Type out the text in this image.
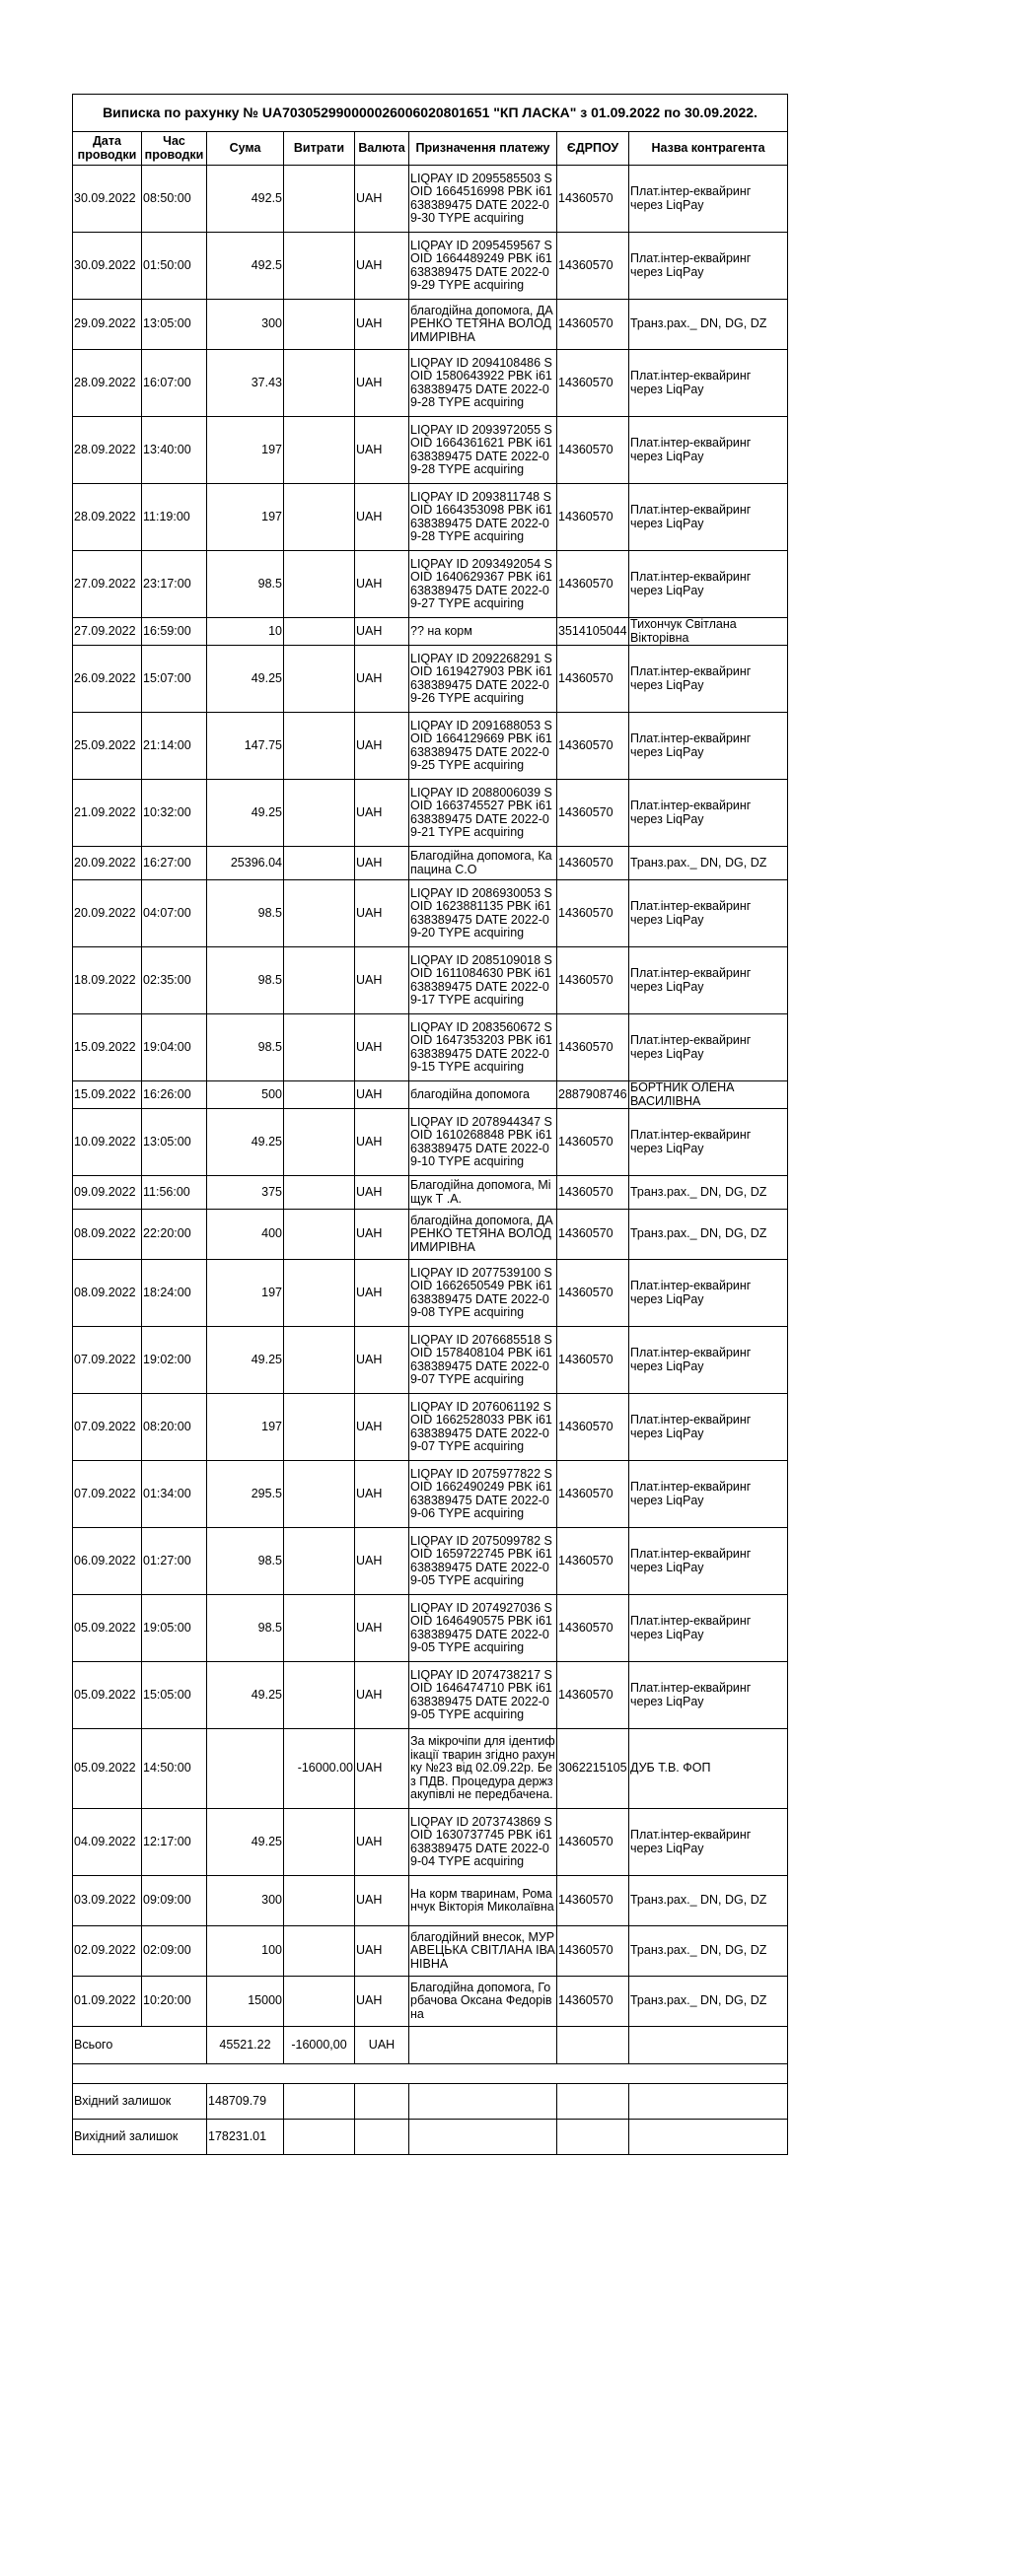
Виписка по рахунку № UA703052990000026006020801651 "КП ЛАСКА" з 01.09.2022 по 30.09.2022.							
Дата проводки	Час проводки	Сума	Витрати	Валюта	Призначення платежу	ЄДРПОУ	Назва контрагента
30.09.2022	08:50:00	492.5		UAH	LIQPAY ID 2095585503 SOID 1664516998 PBK i61638389475 DATE 2022-09-30 TYPE acquiring	14360570	Плат.інтер-еквайринг через LiqPay
30.09.2022	01:50:00	492.5		UAH	LIQPAY ID 2095459567 SOID 1664489249 PBK i61638389475 DATE 2022-09-29 TYPE acquiring	14360570	Плат.інтер-еквайринг через LiqPay
29.09.2022	13:05:00	300		UAH	благодійна допомога, ДАРЕНКО ТЕТЯНА ВОЛОДИМИРІВНА	14360570	Транз.рах._ DN, DG, DZ
28.09.2022	16:07:00	37.43		UAH	LIQPAY ID 2094108486 SOID 1580643922 PBK i61638389475 DATE 2022-09-28 TYPE acquiring	14360570	Плат.інтер-еквайринг через LiqPay
28.09.2022	13:40:00	197		UAH	LIQPAY ID 2093972055 SOID 1664361621 PBK i61638389475 DATE 2022-09-28 TYPE acquiring	14360570	Плат.інтер-еквайринг через LiqPay
28.09.2022	11:19:00	197		UAH	LIQPAY ID 2093811748 SOID 1664353098 PBK i61638389475 DATE 2022-09-28 TYPE acquiring	14360570	Плат.інтер-еквайринг через LiqPay
27.09.2022	23:17:00	98.5		UAH	LIQPAY ID 2093492054 SOID 1640629367 PBK i61638389475 DATE 2022-09-27 TYPE acquiring	14360570	Плат.інтер-еквайринг через LiqPay
27.09.2022	16:59:00	10		UAH	?? на корм	3514105044	Тихончук Світлана Вікторівна
26.09.2022	15:07:00	49.25		UAH	LIQPAY ID 2092268291 SOID 1619427903 PBK i61638389475 DATE 2022-09-26 TYPE acquiring	14360570	Плат.інтер-еквайринг через LiqPay
25.09.2022	21:14:00	147.75		UAH	LIQPAY ID 2091688053 SOID 1664129669 PBK i61638389475 DATE 2022-09-25 TYPE acquiring	14360570	Плат.інтер-еквайринг через LiqPay
21.09.2022	10:32:00	49.25		UAH	LIQPAY ID 2088006039 SOID 1663745527 PBK i61638389475 DATE 2022-09-21 TYPE acquiring	14360570	Плат.інтер-еквайринг через LiqPay
20.09.2022	16:27:00	25396.04		UAH	Благодійна допомога, Капацина С.О	14360570	Транз.рах._ DN, DG, DZ
20.09.2022	04:07:00	98.5		UAH	LIQPAY ID 2086930053 SOID 1623881135 PBK i61638389475 DATE 2022-09-20 TYPE acquiring	14360570	Плат.інтер-еквайринг через LiqPay
18.09.2022	02:35:00	98.5		UAH	LIQPAY ID 2085109018 SOID 1611084630 PBK i61638389475 DATE 2022-09-17 TYPE acquiring	14360570	Плат.інтер-еквайринг через LiqPay
15.09.2022	19:04:00	98.5		UAH	LIQPAY ID 2083560672 SOID 1647353203 PBK i61638389475 DATE 2022-09-15 TYPE acquiring	14360570	Плат.інтер-еквайринг через LiqPay
15.09.2022	16:26:00	500		UAH	благодійна допомога	2887908746	БОРТНИК ОЛЕНА ВАСИЛІВНА
10.09.2022	13:05:00	49.25		UAH	LIQPAY ID 2078944347 SOID 1610268848 PBK i61638389475 DATE 2022-09-10 TYPE acquiring	14360570	Плат.інтер-еквайринг через LiqPay
09.09.2022	11:56:00	375		UAH	Благодійна допомога, Міщук Т .А.	14360570	Транз.рах._ DN, DG, DZ
08.09.2022	22:20:00	400		UAH	благодійна допомога, ДАРЕНКО ТЕТЯНА ВОЛОДИМИРІВНА	14360570	Транз.рах._ DN, DG, DZ
08.09.2022	18:24:00	197		UAH	LIQPAY ID 2077539100 SOID 1662650549 PBK i61638389475 DATE 2022-09-08 TYPE acquiring	14360570	Плат.інтер-еквайринг через LiqPay
07.09.2022	19:02:00	49.25		UAH	LIQPAY ID 2076685518 SOID 1578408104 PBK i61638389475 DATE 2022-09-07 TYPE acquiring	14360570	Плат.інтер-еквайринг через LiqPay
07.09.2022	08:20:00	197		UAH	LIQPAY ID 2076061192 SOID 1662528033 PBK i61638389475 DATE 2022-09-07 TYPE acquiring	14360570	Плат.інтер-еквайринг через LiqPay
07.09.2022	01:34:00	295.5		UAH	LIQPAY ID 2075977822 SOID 1662490249 PBK i61638389475 DATE 2022-09-06 TYPE acquiring	14360570	Плат.інтер-еквайринг через LiqPay
06.09.2022	01:27:00	98.5		UAH	LIQPAY ID 2075099782 SOID 1659722745 PBK i61638389475 DATE 2022-09-05 TYPE acquiring	14360570	Плат.інтер-еквайринг через LiqPay
05.09.2022	19:05:00	98.5		UAH	LIQPAY ID 2074927036 SOID 1646490575 PBK i61638389475 DATE 2022-09-05 TYPE acquiring	14360570	Плат.інтер-еквайринг через LiqPay
05.09.2022	15:05:00	49.25		UAH	LIQPAY ID 2074738217 SOID 1646474710 PBK i61638389475 DATE 2022-09-05 TYPE acquiring	14360570	Плат.інтер-еквайринг через LiqPay
05.09.2022	14:50:00		-16000.00	UAH	За мікрочіпи для ідентифікації тварин згідно рахунку №23 від 02.09.22р. Без ПДВ. Процедура держзакупівлі не передбачена.	3062215105	ДУБ Т.В. ФОП
04.09.2022	12:17:00	49.25		UAH	LIQPAY ID 2073743869 SOID 1630737745 PBK i61638389475 DATE 2022-09-04 TYPE acquiring	14360570	Плат.інтер-еквайринг через LiqPay
03.09.2022	09:09:00	300		UAH	На корм тваринам, Романчук Вікторія Миколаївна	14360570	Транз.рах._ DN, DG, DZ
02.09.2022	02:09:00	100		UAH	благодійний внесок, МУРАВЕЦЬКА СВІТЛАНА ІВАНІВНА	14360570	Транз.рах._ DN, DG, DZ
01.09.2022	10:20:00	15000		UAH	Благодійна допомога, Горбачова Оксана Федорівна	14360570	Транз.рах._ DN, DG, DZ
Всього		45521.22	-16000,00	UAH			

Вхідний залишок		148709.79					
Вихідний залишок		178231.01					
